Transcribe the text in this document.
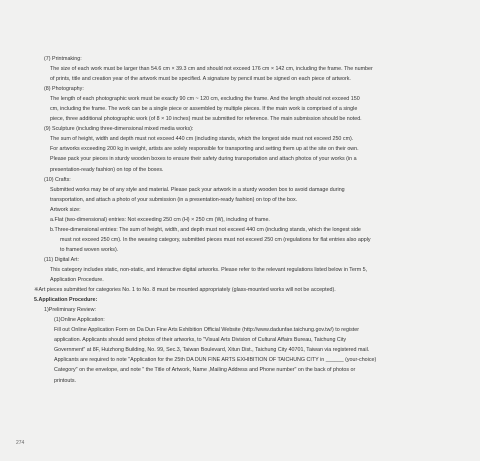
(7) Printmaking:
The size of each work must be larger than 54.6 cm × 39.3 cm and should not exceed 176 cm × 142 cm, including the frame. The number
of prints, title and creation year of the artwork must be specified. A signature by pencil must be signed on each piece of artwork.
(8) Photography:
The length of each photographic work must be exactly 90 cm ~ 120 cm, excluding the frame. And the length should not exceed 150
cm, including the frame. The work can be a single piece or assembled by multiple pieces. If the main work is comprised of a single
piece, three additional photographic work (of 8 × 10 inches) must be submitted for reference. The main submission should be noted.
(9) Sculpture (including three-dimensional mixed media works):
The sum of height, width and depth must not exceed 440 cm (including stands, which the longest side must not exceed 250 cm).
For artworks exceeding 200 kg in weight, artists are solely responsible for transporting and setting them up at the site on their own.
Please pack your pieces in sturdy wooden boxes to ensure their safety during transportation and attach photos of your works (in a
presentation-ready fashion) on top of the boxes.
(10) Crafts:
Submitted works may be of any style and material. Please pack your artwork in a sturdy wooden box to avoid damage during
transportation, and attach a photo of your submission (in a presentation-ready fashion) on top of the box.
Artwork size:
a.Flat (two-dimensional) entries: Not exceeding 250 cm (H) × 250 cm (W), including of frame.
b.Three-dimensional entries: The sum of height, width, and depth must not exceed 440 cm (including stands, which the longest side
must not exceed 250 cm). In the weaving category, submitted pieces must not exceed 250 cm (regulations for flat entries also apply
to framed woven works).
(11) Digital Art:
This category includes static, non-static, and interactive digital artworks. Please refer to the relevant regulations listed below in Term 5,
Application Procedure.
※Art pieces submitted for categories No. 1 to No. 8 must be mounted appropriately (glass-mounted works will not be accepted).
5.Application Procedure:
1)Preliminary Review:
(1)Online Application:
Fill out Online Application Form on Da Dun Fine Arts Exhibition Official Website (http://www.dadunfae.taichung.gov.tw/) to register
application. Applicants should send photos of their artworks, to "Visual Arts Division of Cultural Affairs Bureau, Taichung City
Government" at 8F, Huizhong Building, No. 99, Sec.3, Taiwan Boulevard, Xitun Dist., Taichung City 40701, Taiwan via registered mail.
Applicants are required to note "Application for the 25th DA DUN FINE ARTS EXHIBITION OF TAICHUNG CITY in ______ (your-choice)
Category" on the envelope, and note " the Title of Artwork, Name ,Mailing Address and Phone number" on the back of photos or
printouts.
274
